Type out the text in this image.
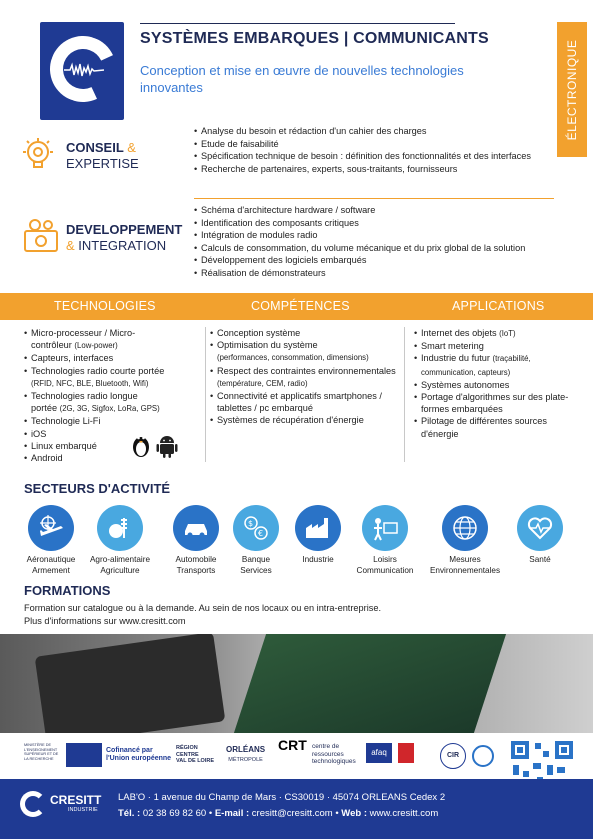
SYSTÈMES EMBARQUES | COMMUNICANTS
Conception et mise en œuvre de nouvelles technologies innovantes	ÉLECTRONIQUE
CONSEIL &
EXPERTISE
• Analyse du besoin et rédaction d'un cahier des charges
• Etude de faisabilité
• Spécification technique de besoin : définition des fonctionnalités et des interfaces
• Recherche de partenaires, experts, sous-traitants, fournisseurs
DEVELOPPEMENT
& INTEGRATION
• Schéma d'architecture hardware / software
• Identification des composants critiques
• Intégration de modules radio
• Calculs de consommation, du volume mécanique et du prix global de la solution
• Développement des logiciels embarqués
• Réalisation de démonstrateurs
TECHNOLOGIES	COMPÉTENCES	APPLICATIONS
• Micro-processeur / Micro-
contrôleur (Low-power)
• Capteurs, interfaces
• Technologies radio courte portée
(RFID, NFC, BLE, Bluetooth, Wifi)
• Technologies radio longue
portée (2G, 3G, Sigfox, LoRa, GPS)
• Technologie Li-Fi
• iOS
• Linux embarqué
• Android
• Conception système
• Optimisation du système
(performances, consommation, dimensions)
• Respect des contraintes environnementales (température, CEM, radio)
• Connectivité et applicatifs smartphones / tablettes / pc embarqué
• Systèmes de récupération d'énergie
• Internet des objets (IoT)
• Smart metering
• Industrie du futur (traçabilité, communication, capteurs)
• Systèmes autonomes
• Portage d'algorithmes sur des plate-formes embarquées
• Pilotage de différentes sources d'énergie
SECTEURS D'ACTIVITÉ
Aéronautique
Armement
Agro-alimentaire
Agriculture
Automobile
Transports
$
€
Banque
Services
Industrie	Loisirs
Communication
Mesures
Environnementales
Santé
FORMATIONS
Formation sur catalogue ou à la demande. Au sein de nos locaux ou en intra-entreprise.
Plus d'informations sur www.cresitt.com
MINISTÈRE DE L'ENSEIGNEMENT SUPÉRIEUR ET DE LA RECHERCHE
Cofinancé par
l'Union européenne
RÉGION
CENTRE
VAL DE LOIRE
ORLÉANS
MÉTROPOLE
CRT centre de
ressources
technologiques
afaq	CIR
CRESITT
INDUSTRIE
LAB'O · 1 avenue du Champ de Mars · CS30019 · 45074 ORLEANS Cedex 2
Tél. : 02 38 69 82 60 • E-mail : cresitt@cresitt.com • Web : www.cresitt.com
